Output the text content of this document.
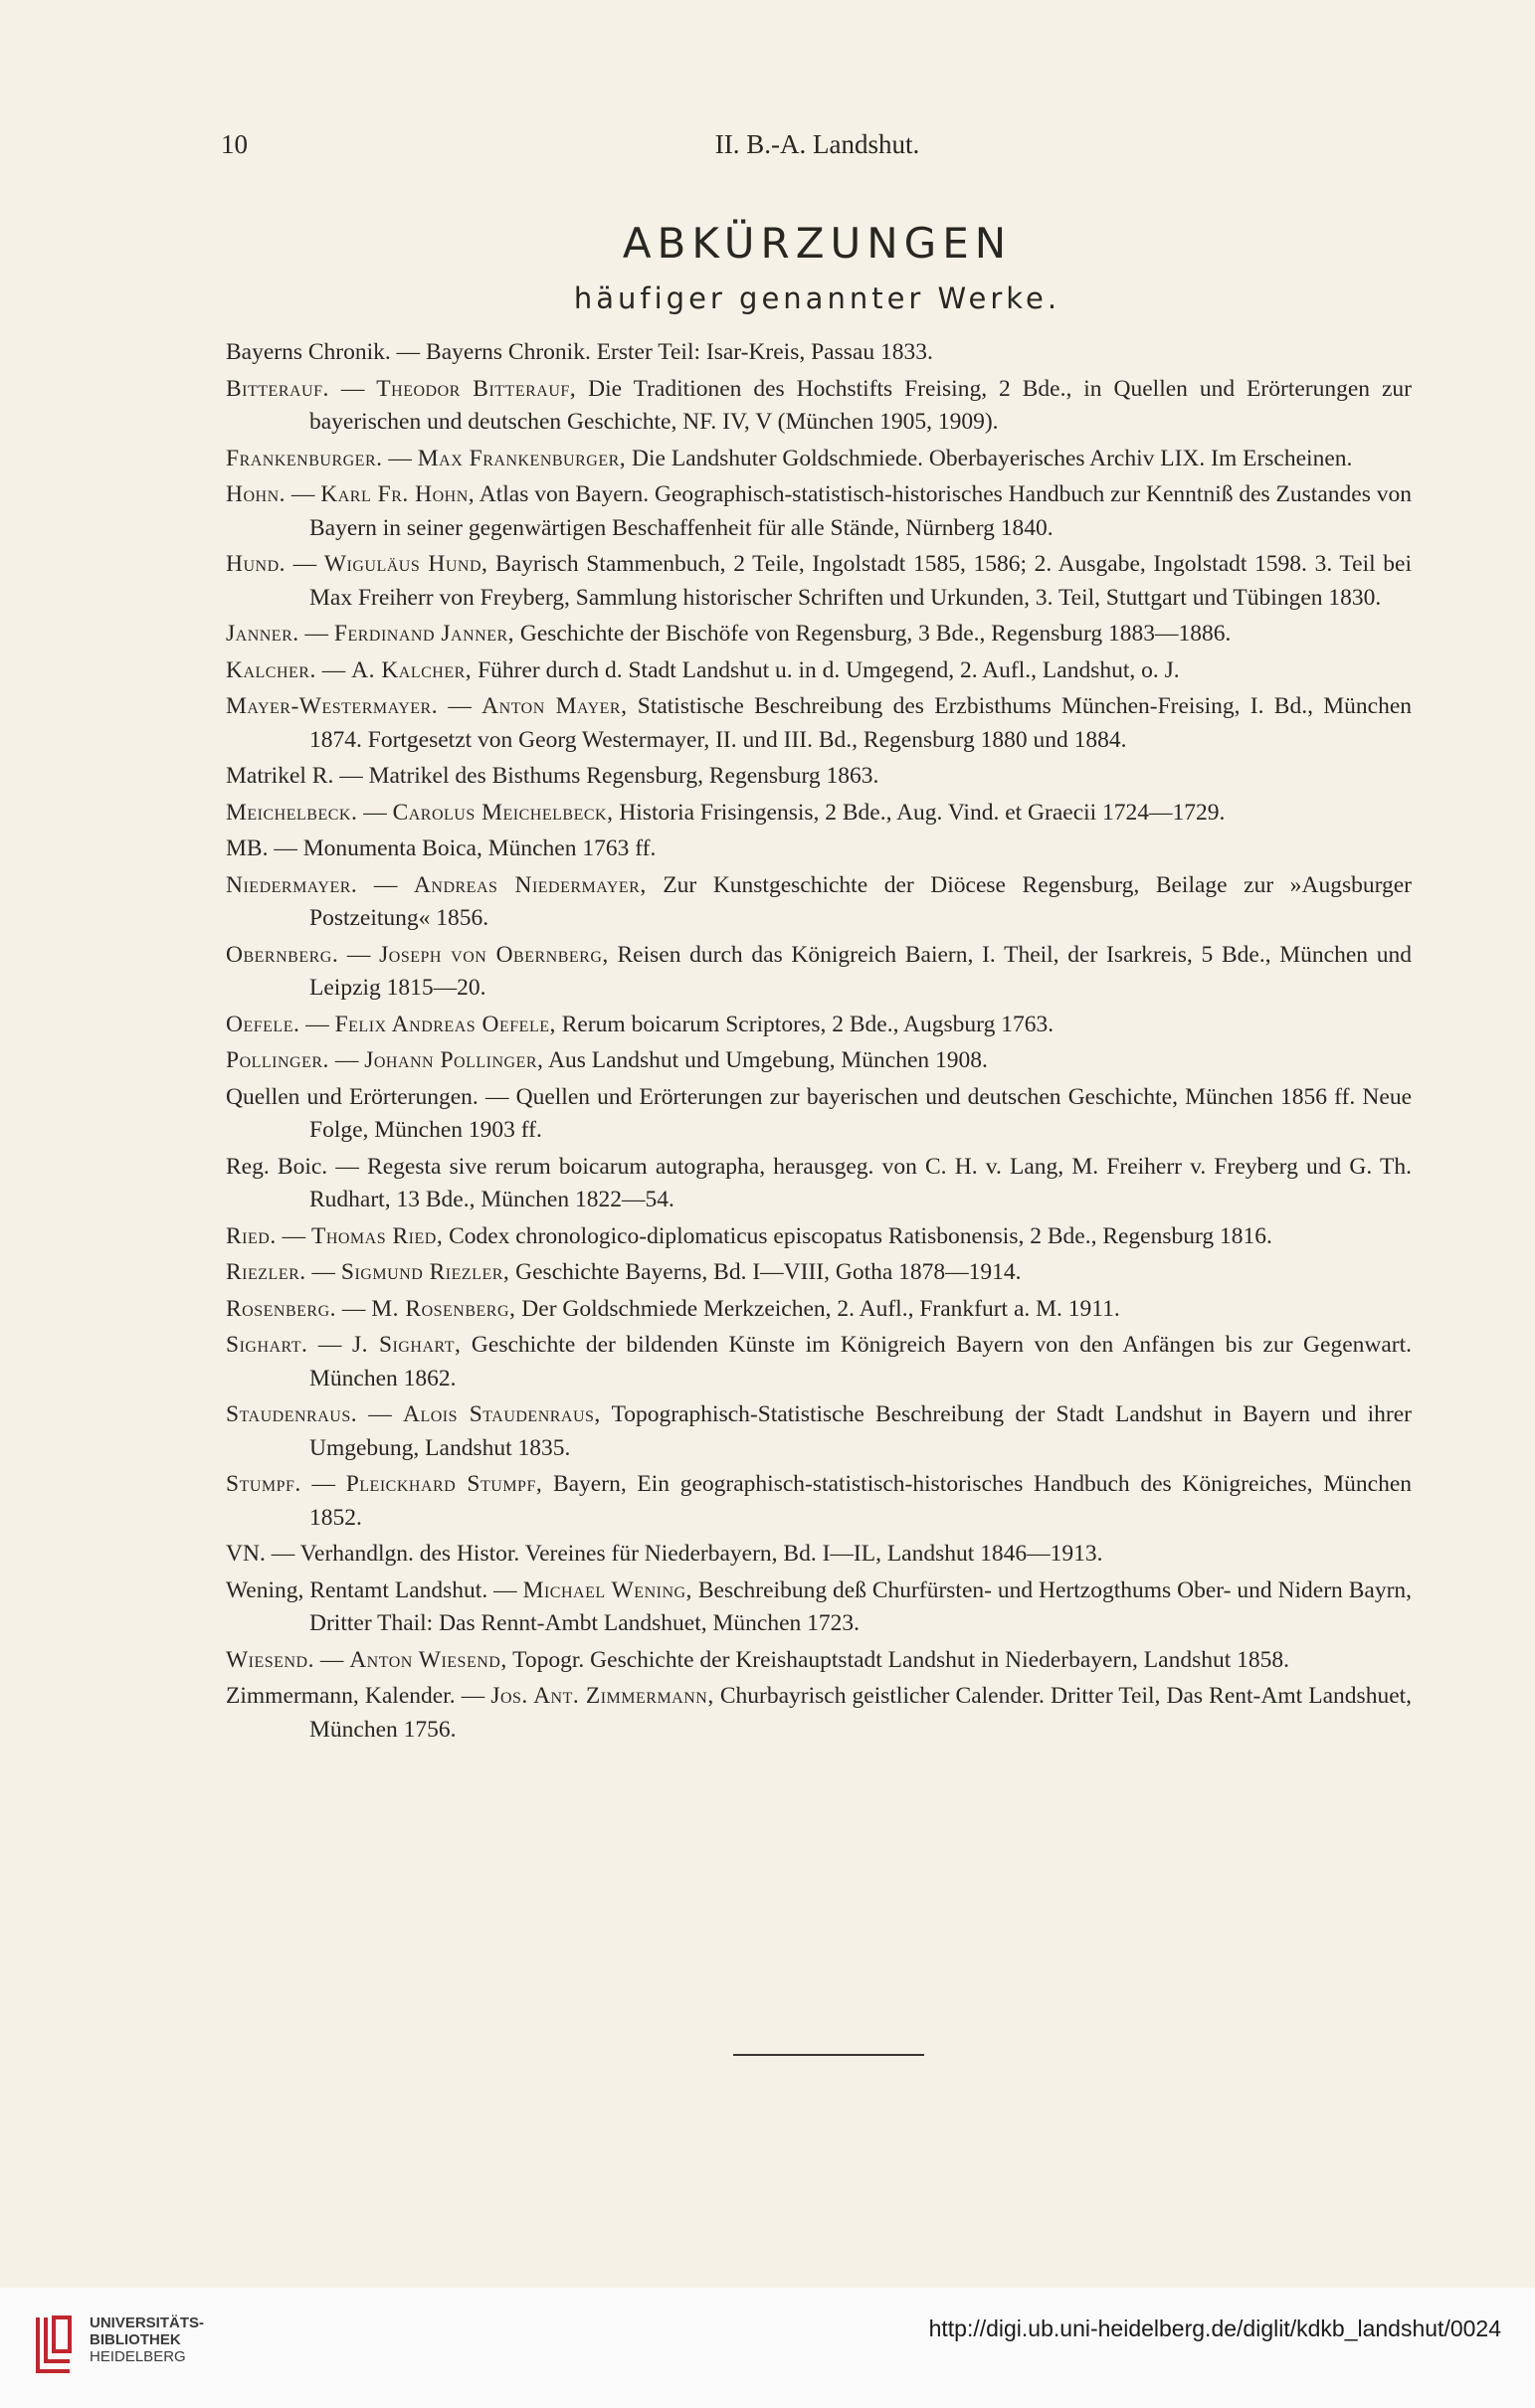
10	II. B.-A. Landshut.
ABKÜRZUNGEN
häufiger genannter Werke.

Bayerns Chronik. — Bayerns Chronik. Erster Teil: Isar-Kreis, Passau 1833.

Bitterauf. — Theodor Bitterauf, Die Traditionen des Hochstifts Freising, 2 Bde., in Quellen und Erörterungen zur bayerischen und deutschen Geschichte, NF. IV, V (München 1905, 1909).

Frankenburger. — Max Frankenburger, Die Landshuter Goldschmiede. Oberbayerisches Archiv LIX. Im Erscheinen.

Hohn. — Karl Fr. Hohn, Atlas von Bayern. Geographisch-statistisch-historisches Handbuch zur Kenntniß des Zustandes von Bayern in seiner gegenwärtigen Beschaffenheit für alle Stände, Nürnberg 1840.

Hund. — Wiguläus Hund, Bayrisch Stammenbuch, 2 Teile, Ingolstadt 1585, 1586; 2. Ausgabe, Ingolstadt 1598. 3. Teil bei Max Freiherr von Freyberg, Sammlung historischer Schriften und Urkunden, 3. Teil, Stuttgart und Tübingen 1830.

Janner. — Ferdinand Janner, Geschichte der Bischöfe von Regensburg, 3 Bde., Regensburg 1883—1886.

Kalcher. — A. Kalcher, Führer durch d. Stadt Landshut u. in d. Umgegend, 2. Aufl., Landshut, o. J.

Mayer-Westermayer. — Anton Mayer, Statistische Beschreibung des Erzbisthums München-Freising, I. Bd., München 1874. Fortgesetzt von Georg Westermayer, II. und III. Bd., Regensburg 1880 und 1884.

Matrikel R. — Matrikel des Bisthums Regensburg, Regensburg 1863.

Meichelbeck. — Carolus Meichelbeck, Historia Frisingensis, 2 Bde., Aug. Vind. et Graecii 1724—1729.

MB. — Monumenta Boica, München 1763 ff.

Niedermayer. — Andreas Niedermayer, Zur Kunstgeschichte der Diöcese Regensburg, Beilage zur »Augsburger Postzeitung« 1856.

Obernberg. — Joseph von Obernberg, Reisen durch das Königreich Baiern, I. Theil, der Isarkreis, 5 Bde., München und Leipzig 1815—20.

Oefele. — Felix Andreas Oefele, Rerum boicarum Scriptores, 2 Bde., Augsburg 1763.

Pollinger. — Johann Pollinger, Aus Landshut und Umgebung, München 1908.

Quellen und Erörterungen. — Quellen und Erörterungen zur bayerischen und deutschen Geschichte, München 1856 ff. Neue Folge, München 1903 ff.

Reg. Boic. — Regesta sive rerum boicarum autographa, herausgeg. von C. H. v. Lang, M. Freiherr v. Freyberg und G. Th. Rudhart, 13 Bde., München 1822—54.

Ried. — Thomas Ried, Codex chronologico-diplomaticus episcopatus Ratisbonensis, 2 Bde., Regensburg 1816.

Riezler. — Sigmund Riezler, Geschichte Bayerns, Bd. I—VIII, Gotha 1878—1914.

Rosenberg. — M. Rosenberg, Der Goldschmiede Merkzeichen, 2. Aufl., Frankfurt a. M. 1911.

Sighart. — J. Sighart, Geschichte der bildenden Künste im Königreich Bayern von den Anfängen bis zur Gegenwart. München 1862.

Staudenraus. — Alois Staudenraus, Topographisch-Statistische Beschreibung der Stadt Landshut in Bayern und ihrer Umgebung, Landshut 1835.

Stumpf. — Pleickhard Stumpf, Bayern, Ein geographisch-statistisch-historisches Handbuch des Königreiches, München 1852.

VN. — Verhandlgn. des Histor. Vereines für Niederbayern, Bd. I—IL, Landshut 1846—1913.

Wening, Rentamt Landshut. — Michael Wening, Beschreibung deß Churfürsten- und Hertzogthums Ober- und Nidern Bayrn, Dritter Thail: Das Rennt-Ambt Landshuet, München 1723.

Wiesend. — Anton Wiesend, Topogr. Geschichte der Kreishauptstadt Landshut in Niederbayern, Landshut 1858.

Zimmermann, Kalender. — Jos. Ant. Zimmermann, Churbayrisch geistlicher Calender. Dritter Teil, Das Rent-Amt Landshuet, München 1756.

UNIVERSITÄTS-
BIBLIOTHEK
HEIDELBERG
http://digi.ub.uni-heidelberg.de/diglit/kdkb_landshut/0024
